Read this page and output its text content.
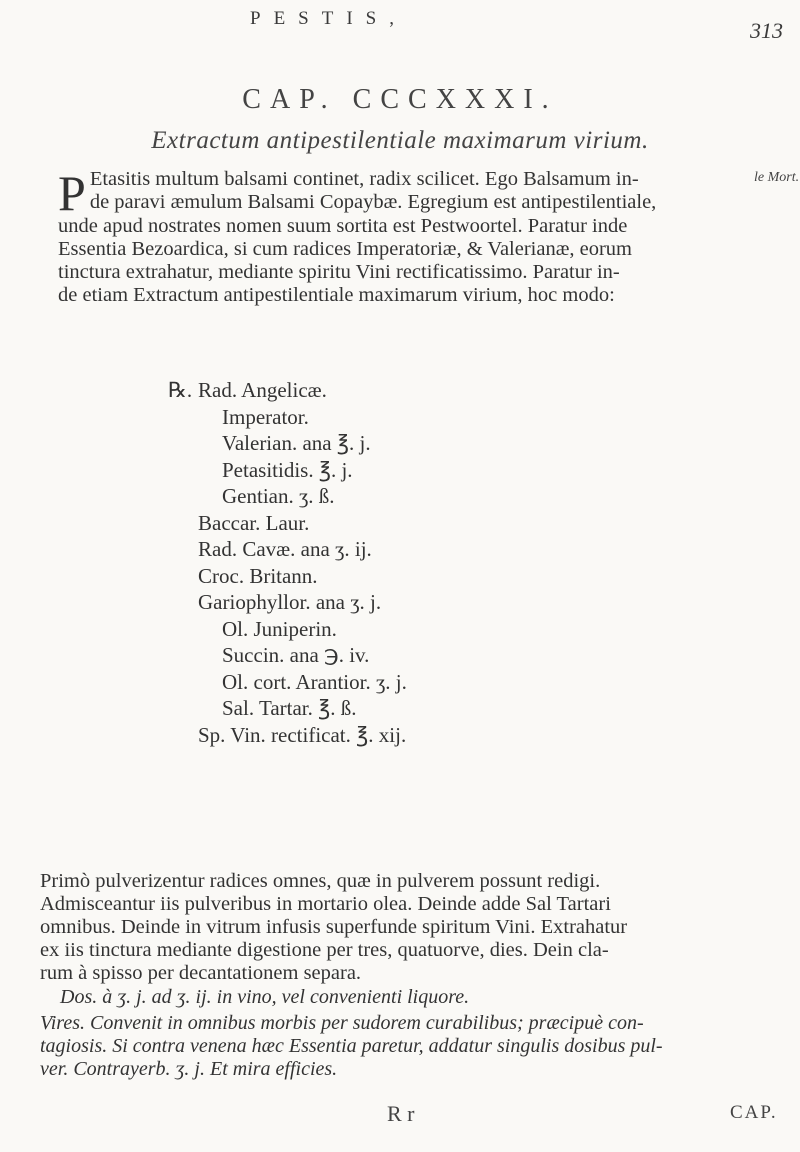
PESTIS,	313
CAP. CCCXXXI.
Extractum antipestilentiale maximarum virium.
le Mort.
P Etasitis multum balsami continet, radix scilicet. Ego Balsamum in-
de paravi æmulum Balsami Copaybæ. Egregium est antipestilentiale,
unde apud nostrates nomen suum sortita est Pestwoortel. Paratur inde
Essentia Bezoardica, si cum radices Imperatoriæ, & Valerianæ, eorum
tinctura extrahatur, mediante spiritu Vini rectificatissimo. Paratur in-
de etiam Extractum antipestilentiale maximarum virium, hoc modo:
℞. Rad. Angelicæ.
Imperator.
Valerian. ana ℥. j.
Petasitidis. ℥. j.
Gentian. ʒ. ß.
Baccar. Laur.
Rad. Cavæ. ana ʒ. ij.
Croc. Britann.
Gariophyllor. ana ʒ. j.
Ol. Juniperin.
Succin. ana ℈. iv.
Ol. cort. Arantior. ʒ. j.
Sal. Tartar. ℥. ß.
Sp. Vin. rectificat. ℥. xij.
Primò pulverizentur radices omnes, quæ in pulverem possunt redigi.
Admisceantur iis pulveribus in mortario olea. Deinde adde Sal Tartari
omnibus. Deinde in vitrum infusis superfunde spiritum Vini. Extrahatur
ex iis tinctura mediante digestione per tres, quatuorve, dies. Dein cla-
rum à spisso per decantationem separa.
Dos. à ʒ. j. ad ʒ. ij. in vino, vel convenienti liquore.
Vires. Convenit in omnibus morbis per sudorem curabilibus; præcipuè con-
tagiosis. Si contra venena hæc Essentia paretur, addatur singulis dosibus pul-
ver. Contrayerb. ʒ. j. Et mira efficies.
R r	CAP.
